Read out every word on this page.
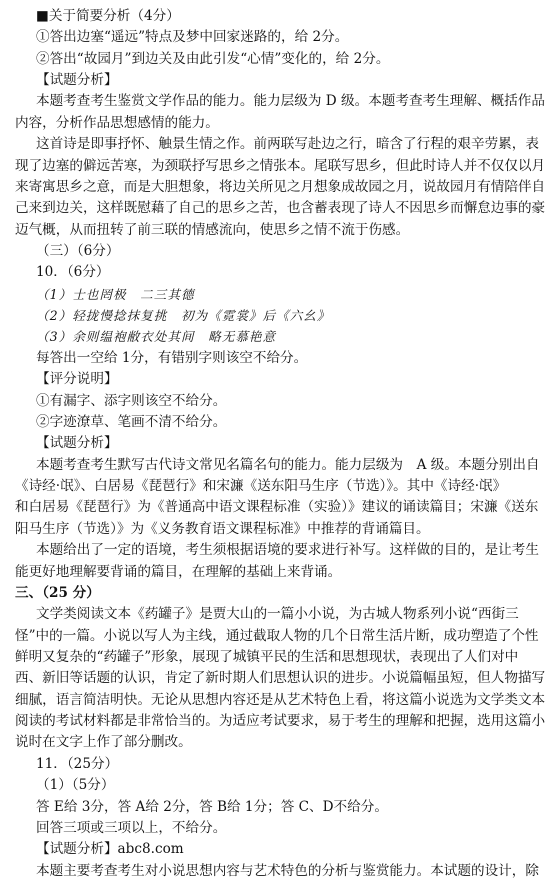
■关于简要分析（4分）
①答出边塞“遥远”特点及梦中回家迷路的，给 2分。
②答出“故园月”到边关及由此引发“心情”变化的，给 2分。
【试题分析】
本题考查考生鉴赏文学作品的能力。能力层级为 D 级。本题考查考生理解、概括作品
内容，分析作品思想感情的能力。
这首诗是即事抒怀、触景生情之作。前两联写赴边之行，暗含了行程的艰辛劳累，表
现了边塞的僻远苦寒，为颈联抒写思乡之情张本。尾联写思乡，但此时诗人并不仅仅以月
来寄寓思乡之意，而是大胆想象，将边关所见之月想象成故园之月，说故园月有情陪伴自
己来到边关，这样既慰藉了自己的思乡之苦，也含蓄表现了诗人不因思乡而懈怠边事的豪
迈气概，从而扭转了前三联的情感流向，使思乡之情不流于伤感。
（三）（6分）
10．（6分）
（1）士也罔极　二三其德
（2）轻拢慢捻抹复挑　初为《霓裳》后《六幺》
（3）余则缊袍敝衣处其间　略无慕艳意
每答出一空给 1分，有错别字则该空不给分。
【评分说明】
①有漏字、添字则该空不给分。
②字迹潦草、笔画不清不给分。
【试题分析】
本题考查考生默写古代诗文常见名篇名句的能力。能力层级为　A 级。本题分别出自
《诗经·氓》、白居易《琵琶行》和宋濂《送东阳马生序（节选）》。其中《诗经·氓》
和白居易《琵琶行》为《普通高中语文课程标准（实验）》建议的诵读篇目；宋濂《送东
阳马生序（节选）》为《义务教育语文课程标准》中推荐的背诵篇目。
本题给出了一定的语境，考生须根据语境的要求进行补写。这样做的目的，是让考生
能更好地理解要背诵的篇目，在理解的基础上来背诵。
三、（25 分）
文学类阅读文本《药罐子》是贾大山的一篇小小说，为古城人物系列小说“西街三
怪”中的一篇。小说以写人为主线，通过截取人物的几个日常生活片断，成功塑造了个性
鲜明又复杂的“药罐子”形象，展现了城镇平民的生活和思想现状，表现出了人们对中
西、新旧等话题的认识，肯定了新时期人们思想认识的进步。小说篇幅虽短，但人物描写
细腻，语言简洁明快。无论从思想内容还是从艺术特色上看，将这篇小说选为文学类文本
阅读的考试材料都是非常恰当的。为适应考试要求，易于考生的理解和把握，选用这篇小
说时在文字上作了部分删改。
11．（25分）
（1）（5分）
答 E给 3分，答 A给 2分，答 B给 1分；答 C、D不给分。
回答三项或三项以上，不给分。
【试题分析】abc8.com
本题主要考查考生对小说思想内容与艺术特色的分析与鉴赏能力。本试题的设计，除
